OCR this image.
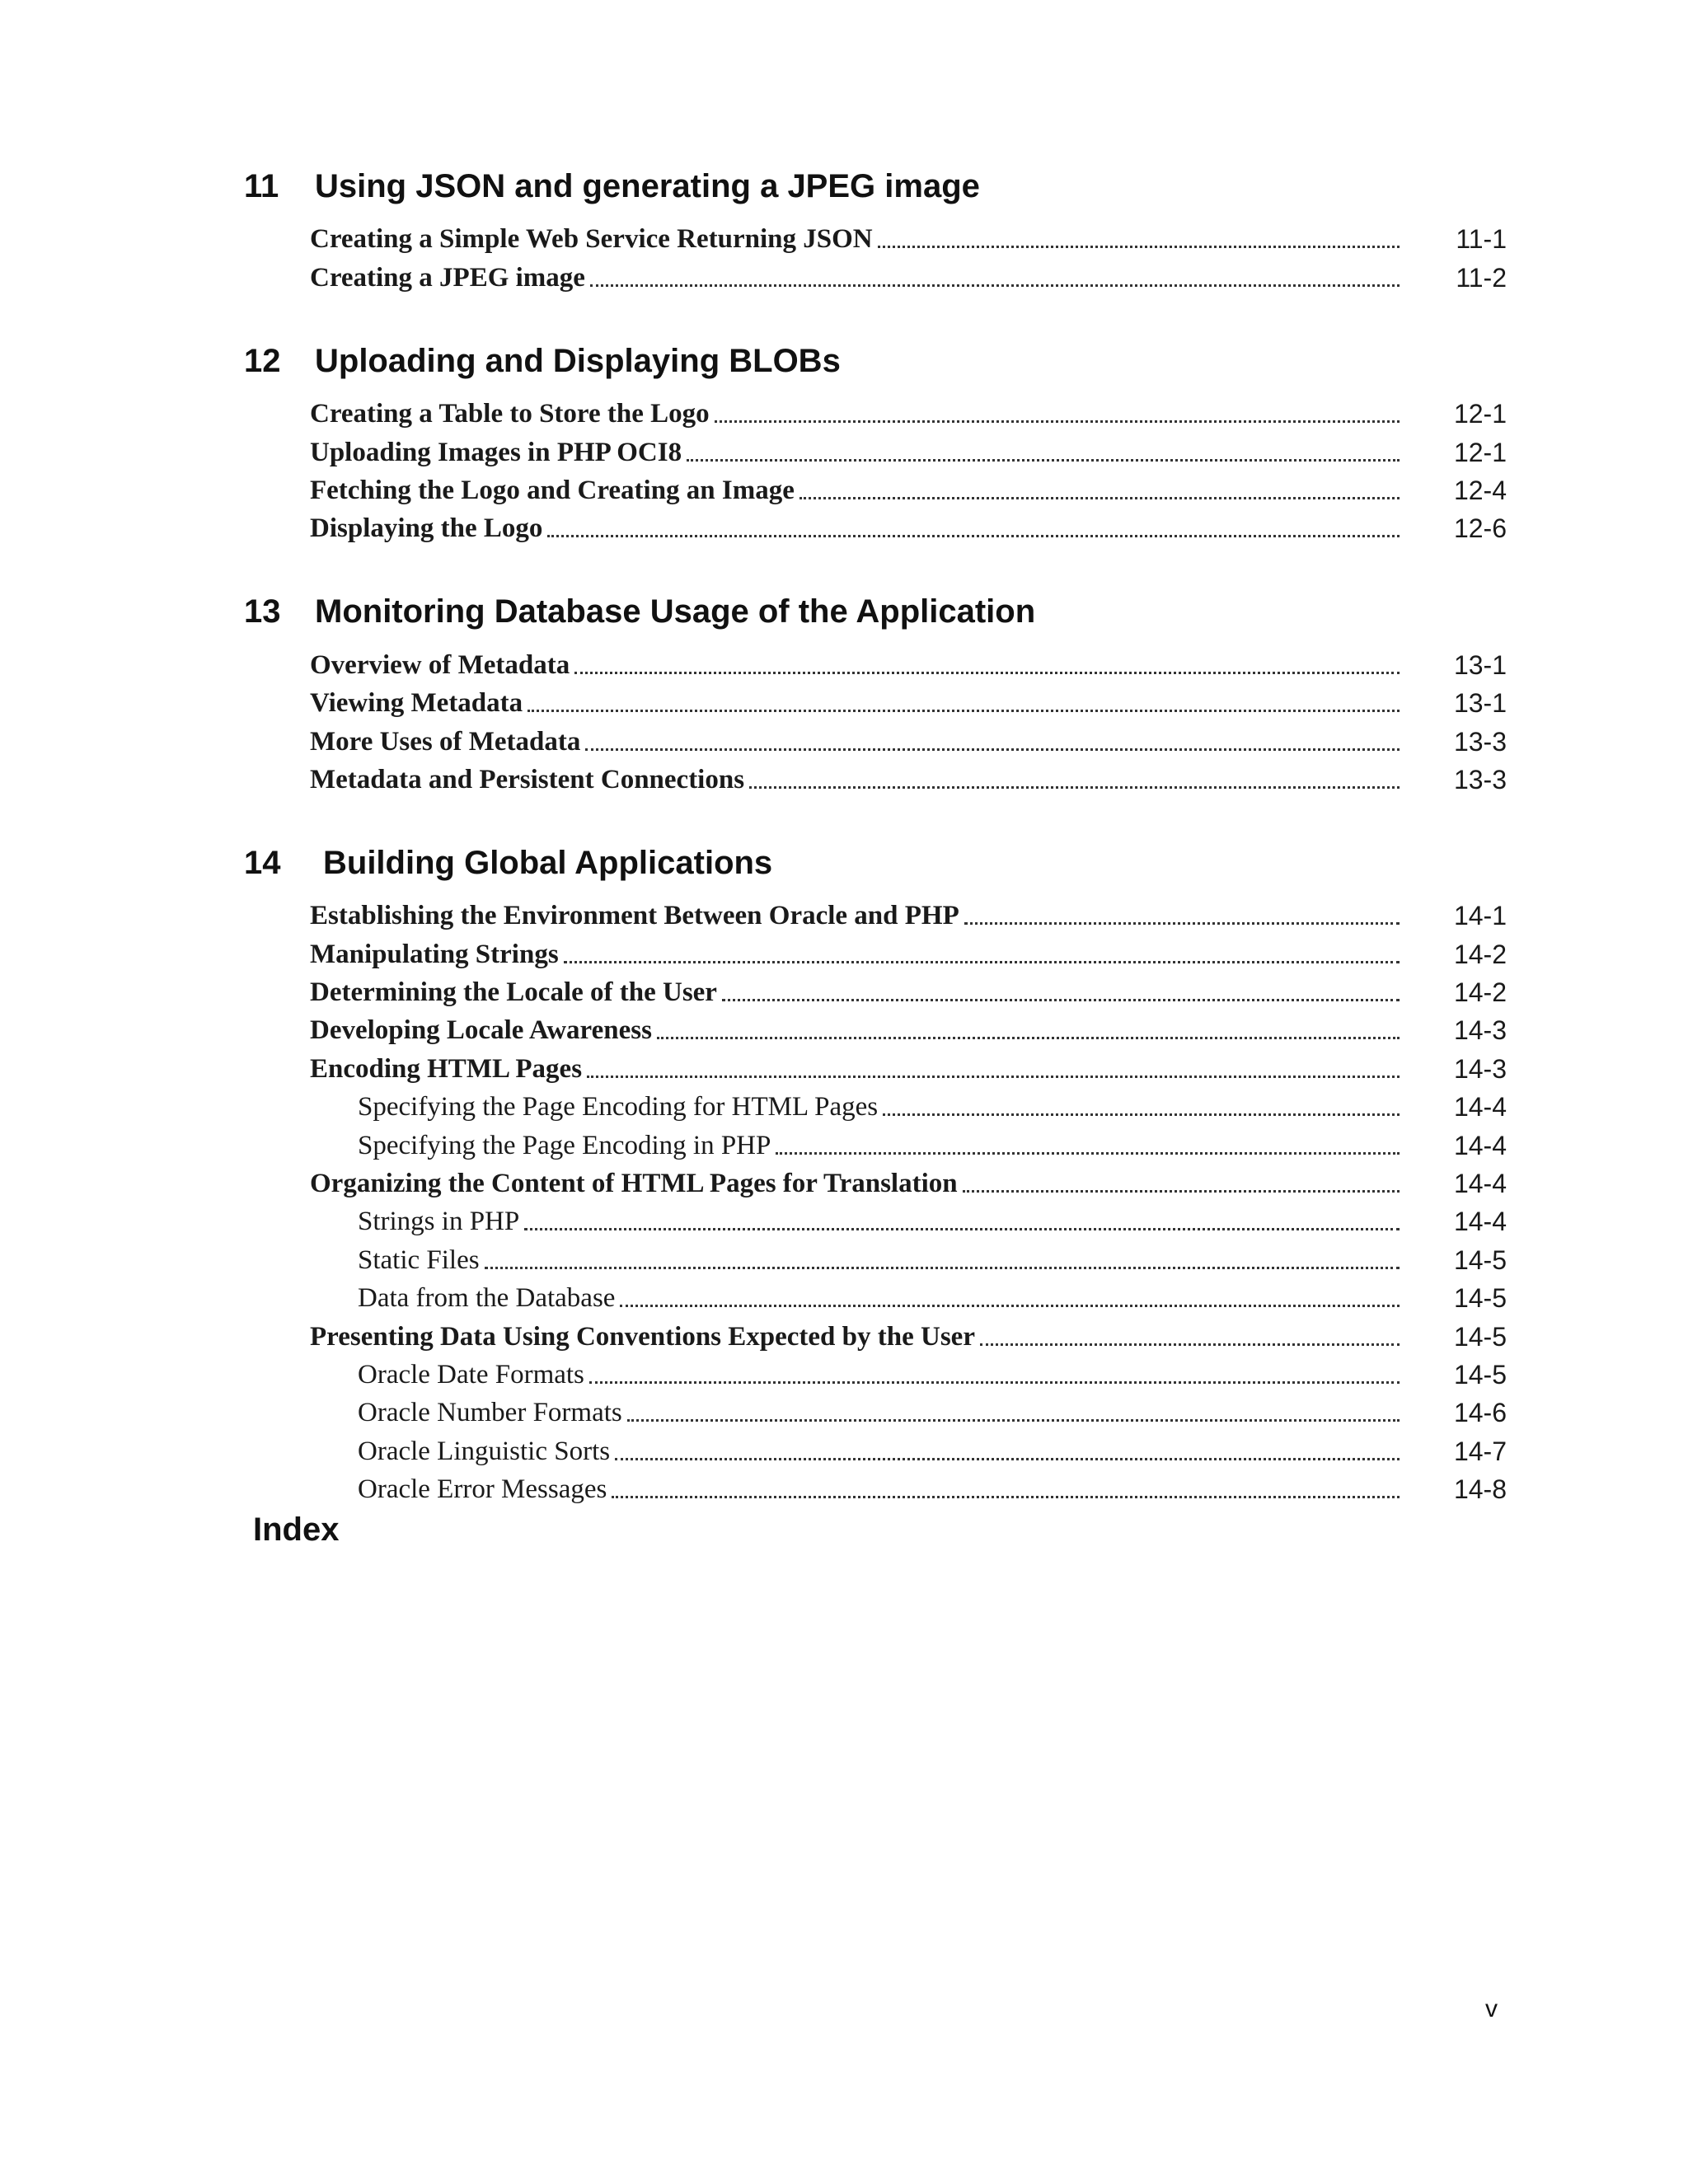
11	Using JSON and generating a JPEG image
Creating a Simple Web Service Returning JSON	11-1
Creating a JPEG image	11-2
12	Uploading and Displaying BLOBs
Creating a Table to Store the Logo	12-1
Uploading Images in PHP OCI8	12-1
Fetching the Logo and Creating an Image	12-4
Displaying the Logo	12-6
13	Monitoring Database Usage of the Application
Overview of Metadata	13-1
Viewing Metadata	13-1
More Uses of Metadata	13-3
Metadata and Persistent Connections	13-3
14	Building Global Applications
Establishing the Environment Between Oracle and PHP	14-1
Manipulating Strings	14-2
Determining the Locale of the User	14-2
Developing Locale Awareness	14-3
Encoding HTML Pages	14-3
Specifying the Page Encoding for HTML Pages	14-4
Specifying the Page Encoding in PHP	14-4
Organizing the Content of HTML Pages for Translation	14-4
Strings in PHP	14-4
Static Files	14-5
Data from the Database	14-5
Presenting Data Using Conventions Expected by the User	14-5
Oracle Date Formats	14-5
Oracle Number Formats	14-6
Oracle Linguistic Sorts	14-7
Oracle Error Messages	14-8
Index
v
